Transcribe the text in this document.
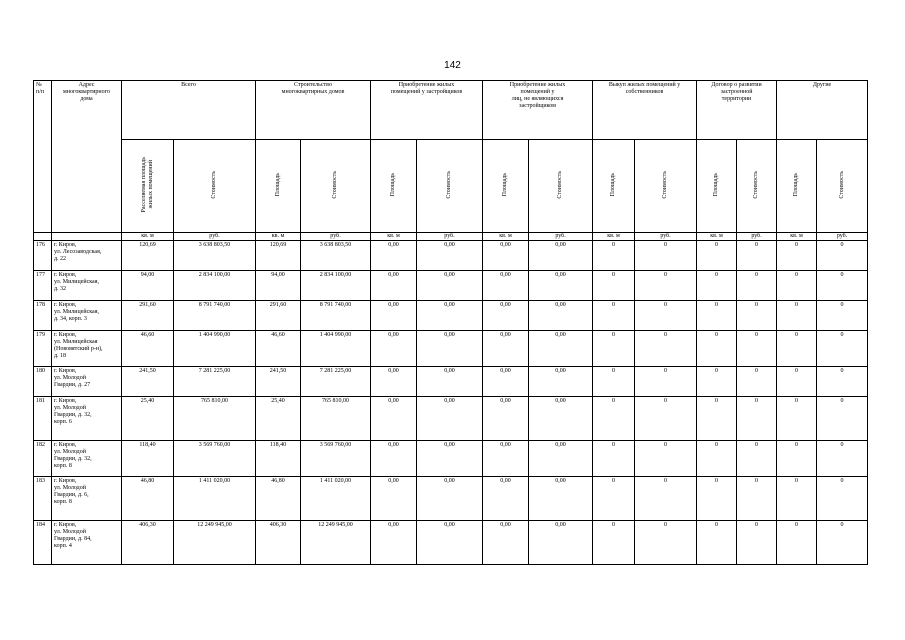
142
№
п/п	Адрес
многоквартирного
дома	Всего		Строительство
многоквартирных домов		Приобретение жилых
помещений у застройщиков		Приобретение жилых
помещений у
лиц, не являющихся
застройщиком		Выкуп жилых помещений у
собственников		Договор о развитии
застроенной
территории		Другие	
		Расселяемая площадь
жилых помещений	Стоимость	Площадь	Стоимость	Площадь	Стоимость	Площадь	Стоимость	Площадь	Стоимость	Площадь	Стоимость	Площадь	Стоимость
		кв. м	руб.	кв. м	руб.	кв. м	руб.	кв. м	руб.	кв. м	руб.	кв. м	руб.	кв. м	руб.
176	г. Киров,
ул. Лесозаводская,
д. 22	120,69	3 638 803,50	120,69	3 638 803,50	0,00	0,00	0,00	0,00	0	0	0	0	0	0
177	г. Киров,
ул. Милицейская,
д. 32	94,00	2 834 100,00	94,00	2 834 100,00	0,00	0,00	0,00	0,00	0	0	0	0	0	0
178	г. Киров,
ул. Милицейская,
д. 34, корп. 3	291,60	8 791 740,00	291,60	8 791 740,00	0,00	0,00	0,00	0,00	0	0	0	0	0	0
179	г. Киров,
ул. Милицейская
(Нововятский р-н),
д. 18	46,60	1 404 990,00	46,60	1 404 990,00	0,00	0,00	0,00	0,00	0	0	0	0	0	0
180	г. Киров,
ул. Молодой
Гвардии, д. 27	241,50	7 281 225,00	241,50	7 281 225,00	0,00	0,00	0,00	0,00	0	0	0	0	0	0
181	г. Киров,
ул. Молодой
Гвардии, д. 32,
корп. 6	25,40	765 810,00	25,40	765 810,00	0,00	0,00	0,00	0,00	0	0	0	0	0	0
182	г. Киров,
ул. Молодой
Гвардии, д. 32,
корп. 8	118,40	3 569 760,00	118,40	3 569 760,00	0,00	0,00	0,00	0,00	0	0	0	0	0	0
183	г. Киров,
ул. Молодой
Гвардии, д. 6,
корп. 8	46,80	1 411 020,00	46,80	1 411 020,00	0,00	0,00	0,00	0,00	0	0	0	0	0	0
184	г. Киров,
ул. Молодой
Гвардии, д. 84,
корп. 4	406,30	12 249 945,00	406,30	12 249 945,00	0,00	0,00	0,00	0,00	0	0	0	0	0	0
